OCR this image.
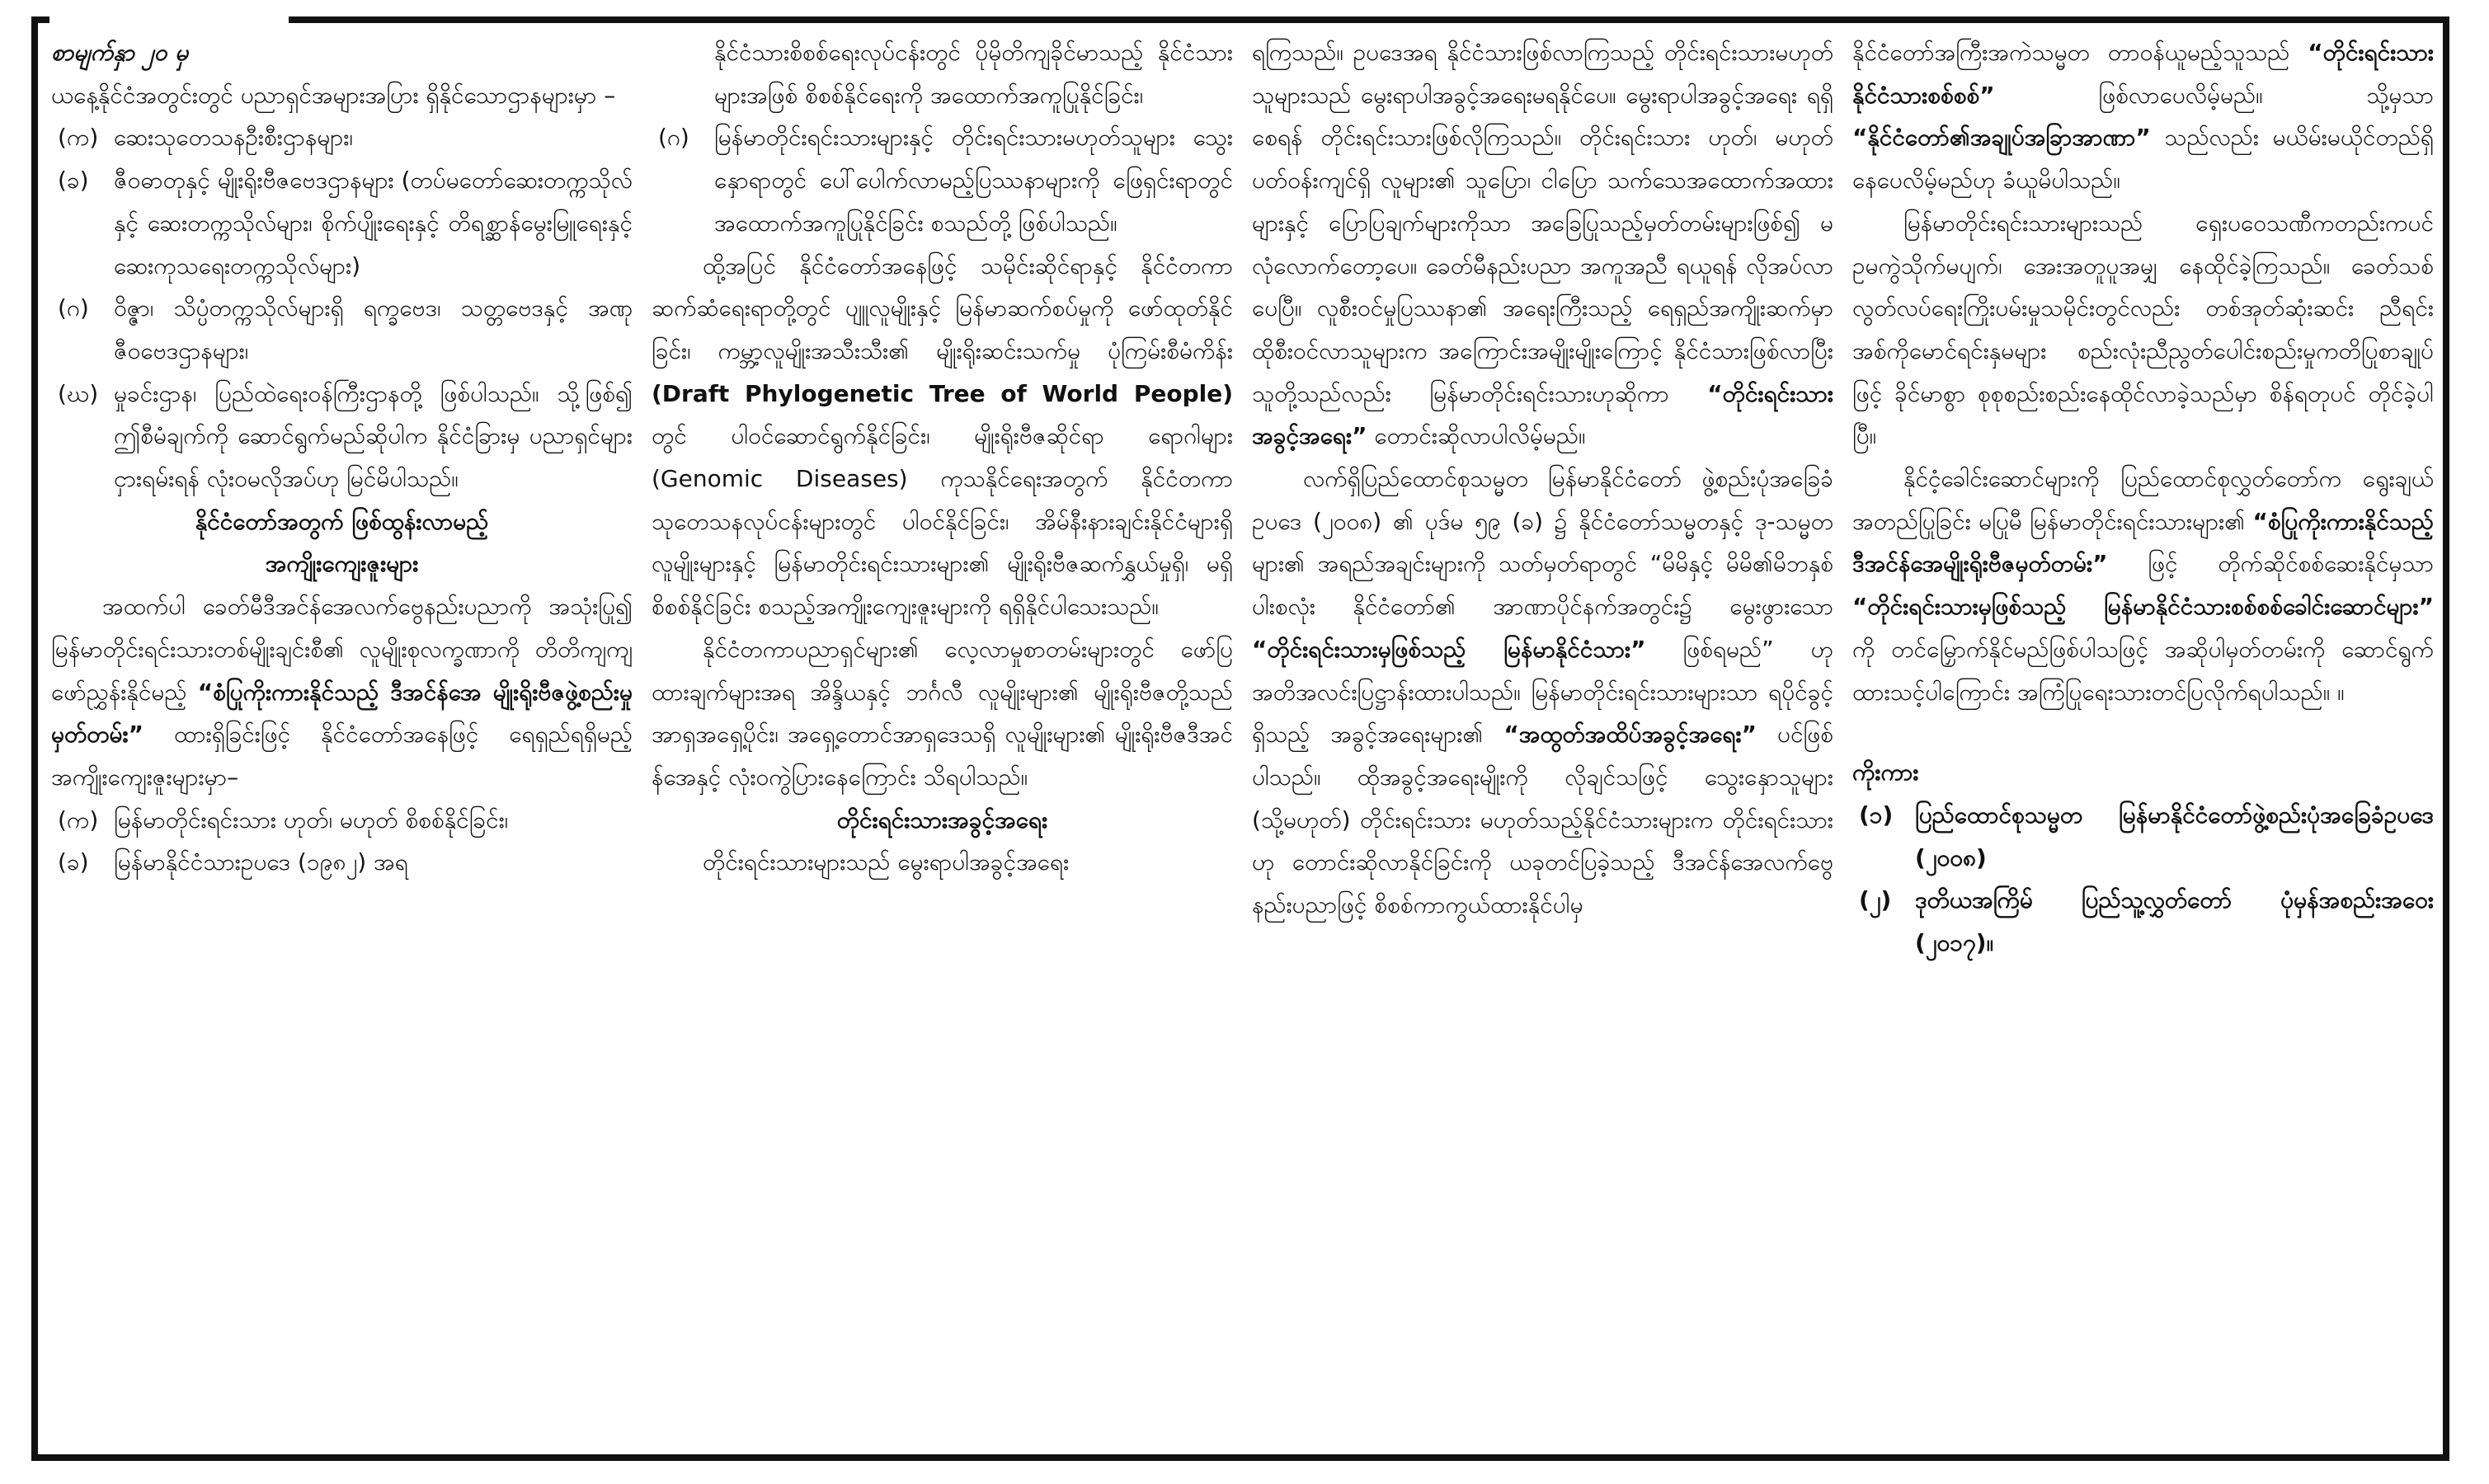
စာမျက်နှာ ၂၀ မှ

ယနေ့နိုင်ငံအတွင်းတွင် ပညာရှင်အများအပြား ရှိနိုင်သောဌာနများမှာ –

(က) ဆေးသုတေသနဦးစီးဌာနများ၊
(ခ)	ဇီဝဓာတုနှင့် မျိုးရိုးဗီဇဗေဒဌာနများ (တပ်မတော်ဆေးတက္ကသိုလ်နှင့် ဆေးတက္ကသိုလ်များ၊ စိုက်ပျိုးရေးနှင့် တိရစ္ဆာန်မွေးမြူရေးနှင့် ဆေးကုသရေးတက္ကသိုလ်များ)
(ဂ)	ဝိဇ္ဇာ၊ သိပ္ပံတက္ကသိုလ်များရှိ ရက္ခဗေဒ၊ သတ္တဗေဒနှင့် အဏုဇီဝဗေဒဌာနများ၊
(ဃ) မှုခင်းဌာန၊ ပြည်ထဲရေးဝန်ကြီးဌာနတို့ ဖြစ်ပါသည်။ သို့ဖြစ်၍ ဤစီမံချက်ကို ဆောင်ရွက်မည်ဆိုပါက နိုင်ငံခြားမှ ပညာရှင်များ ငှားရမ်းရန် လုံးဝမလိုအပ်ဟု မြင်မိပါသည်။

နိုင်ငံတော်အတွက် ဖြစ်ထွန်းလာမည့်

အကျိုးကျေးဇူးများ

အထက်ပါ ခေတ်မီဒီအင်န်အေလက်ဗွေနည်းပညာကို အသုံးပြု၍ မြန်မာတိုင်းရင်းသားတစ်မျိုးချင်းစီ၏ လူမျိုးစုလက္ခဏာကို တိတိကျကျ ဖော်ညွှန်းနိုင်မည့် “စံပြုကိုးကားနိုင်သည့် ဒီအင်န်အေ မျိုးရိုးဗီဇဖွဲ့စည်းမှုမှတ်တမ်း” ထားရှိခြင်းဖြင့် နိုင်ငံတော်အနေဖြင့် ရေရှည်ရရှိမည့် အကျိုးကျေးဇူးများမှာ–

(က) မြန်မာတိုင်းရင်းသား ဟုတ်၊ မဟုတ် စိစစ်နိုင်ခြင်း၊
(ခ)	မြန်မာနိုင်ငံသားဥပဒေ (၁၉၈၂) အရ

နိုင်ငံသားစိစစ်ရေးလုပ်ငန်းတွင် ပိုမိုတိကျခိုင်မာသည့် နိုင်ငံသားများအဖြစ် စိစစ်နိုင်ရေးကို အထောက်အကူပြုနိုင်ခြင်း၊

(ဂ)	မြန်မာတိုင်းရင်းသားများနှင့် တိုင်းရင်းသားမဟုတ်သူများ သွေးနှောရာတွင် ပေါ်ပေါက်လာမည့်ပြဿနာများကို ဖြေရှင်းရာတွင် အထောက်အကူပြုနိုင်ခြင်း စသည်တို့ ဖြစ်ပါသည်။

ထို့အပြင် နိုင်ငံတော်အနေဖြင့် သမိုင်းဆိုင်ရာနှင့် နိုင်ငံတကာဆက်ဆံရေးရာတို့တွင် ပျူလူမျိုးနှင့် မြန်မာဆက်စပ်မှုကို ဖော်ထုတ်နိုင်ခြင်း၊ ကမ္ဘာ့လူမျိုးအသီးသီး၏ မျိုးရိုးဆင်းသက်မှု ပုံကြမ်းစီမံကိန်း (Draft Phylogenetic Tree of World People) တွင် ပါဝင်ဆောင်ရွက်နိုင်ခြင်း၊ မျိုးရိုးဗီဇဆိုင်ရာ ရောဂါများ (Genomic Diseases) ကုသနိုင်ရေးအတွက် နိုင်ငံတကာသုတေသနလုပ်ငန်းများတွင် ပါဝင်နိုင်ခြင်း၊ အိမ်နီးနားချင်းနိုင်ငံများရှိ လူမျိုးများနှင့် မြန်မာတိုင်းရင်းသားများ၏ မျိုးရိုးဗီဇဆက်နွှယ်မှုရှိ၊ မရှိ စိစစ်နိုင်ခြင်း စသည့်အကျိုးကျေးဇူးများကို ရရှိနိုင်ပါသေးသည်။

နိုင်ငံတကာပညာရှင်များ၏ လေ့လာမှုစာတမ်းများတွင် ဖော်ပြထားချက်များအရ အိန္ဒိယနှင့် ဘင်္ဂလီ လူမျိုးများ၏ မျိုးရိုးဗီဇတို့သည် အာရှအရှေ့ပိုင်း၊ အရှေ့တောင်အာရှဒေသရှိ လူမျိုးများ၏ မျိုးရိုးဗီဇဒီအင်န်အေနှင့် လုံးဝကွဲပြားနေကြောင်း သိရပါသည်။

တိုင်းရင်းသားအခွင့်အရေး

တိုင်းရင်းသားများသည် မွေးရာပါအခွင့်အရေး

ရကြသည်။ ဥပဒေအရ နိုင်ငံသားဖြစ်လာကြသည့် တိုင်းရင်းသားမဟုတ်သူများသည် မွေးရာပါအခွင့်အရေးမရနိုင်ပေ။ မွေးရာပါအခွင့်အရေး ရရှိစေရန် တိုင်းရင်းသားဖြစ်လိုကြသည်။ တိုင်းရင်းသား ဟုတ်၊ မဟုတ် ပတ်ဝန်းကျင်ရှိ လူများ၏ သူပြော၊ ငါပြော သက်သေအထောက်အထားများနှင့် ပြောပြချက်များကိုသာ အခြေပြုသည့်မှတ်တမ်းများဖြစ်၍ မလုံလောက်တော့ပေ။ ခေတ်မီနည်းပညာ အကူအညီ ရယူရန် လိုအပ်လာပေပြီ။ လူစီးဝင်မှုပြဿနာ၏ အရေးကြီးသည့် ရေရှည်အကျိုးဆက်မှာ ထိုစီးဝင်လာသူများက အကြောင်းအမျိုးမျိုးကြောင့် နိုင်ငံသားဖြစ်လာပြီး သူတို့သည်လည်း မြန်မာတိုင်းရင်းသားဟုဆိုကာ “တိုင်းရင်းသားအခွင့်အရေး” တောင်းဆိုလာပါလိမ့်မည်။

လက်ရှိပြည်ထောင်စုသမ္မတ မြန်မာနိုင်ငံတော် ဖွဲ့စည်းပုံအခြေခံဥပဒေ (၂၀၀၈) ၏ ပုဒ်မ ၅၉ (ခ) ၌ နိုင်ငံတော်သမ္မတနှင့် ဒု-သမ္မတများ၏ အရည်အချင်းများကို သတ်မှတ်ရာတွင် “မိမိနှင့် မိမိ၏မိဘနှစ်ပါးစလုံး နိုင်ငံတော်၏ အာဏာပိုင်နက်အတွင်း၌ မွေးဖွားသော “တိုင်းရင်းသားမှဖြစ်သည့် မြန်မာနိုင်ငံသား” ဖြစ်ရမည်” ဟု အတိအလင်းပြဋ္ဌာန်းထားပါသည်။ မြန်မာတိုင်းရင်းသားများသာ ရပိုင်ခွင့်ရှိသည့် အခွင့်အရေးများ၏ “အထွတ်အထိပ်အခွင့်အရေး” ပင်ဖြစ်ပါသည်။ ထိုအခွင့်အရေးမျိုးကို လိုချင်သဖြင့် သွေးနှောသူများ (သို့မဟုတ်) တိုင်းရင်းသား မဟုတ်သည့်နိုင်ငံသားများက တိုင်းရင်းသားဟု တောင်းဆိုလာနိုင်ခြင်းကို ယခုတင်ပြခဲ့သည့် ဒီအင်န်အေလက်ဗွေနည်းပညာဖြင့် စိစစ်ကာကွယ်ထားနိုင်ပါမှ

နိုင်ငံတော်အကြီးအကဲသမ္မတ တာဝန်ယူမည့်သူသည် “တိုင်းရင်းသားနိုင်ငံသားစစ်စစ်” ဖြစ်လာပေလိမ့်မည်။ သို့မှသာ “နိုင်ငံတော်၏အချုပ်အခြာအာဏာ” သည်လည်း မယိမ်းမယိုင်တည်ရှိနေပေလိမ့်မည်ဟု ခံယူမိပါသည်။

မြန်မာတိုင်းရင်းသားများသည် ရှေးပဝေသဏီကတည်းကပင် ဥမကွဲသိုက်မပျက်၊ အေးအတူပူအမျှ နေထိုင်ခဲ့ကြသည်။ ခေတ်သစ်လွတ်လပ်ရေးကြိုးပမ်းမှုသမိုင်းတွင်လည်း တစ်အုတ်ဆုံးဆင်း ညီရင်းအစ်ကိုမောင်ရင်းနှမများ စည်းလုံးညီညွတ်ပေါင်းစည်းမှုကတိပြုစာချုပ်ဖြင့် ခိုင်မာစွာ စုစုစည်းစည်းနေထိုင်လာခဲ့သည်မှာ စိန်ရတုပင် တိုင်ခဲ့ပါပြီ။

နိုင်ငံ့ခေါင်းဆောင်များကို ပြည်ထောင်စုလွှတ်တော်က ရွေးချယ်အတည်ပြုခြင်း မပြုမီ မြန်မာတိုင်းရင်းသားများ၏ “စံပြုကိုးကားနိုင်သည့် ဒီအင်န်အေမျိုးရိုးဗီဇမှတ်တမ်း” ဖြင့် တိုက်ဆိုင်စစ်ဆေးနိုင်မှသာ “တိုင်းရင်းသားမှဖြစ်သည့် မြန်မာနိုင်ငံသားစစ်စစ်ခေါင်းဆောင်များ” ကို တင်မြှောက်နိုင်မည်ဖြစ်ပါသဖြင့် အဆိုပါမှတ်တမ်းကို ဆောင်ရွက်ထားသင့်ပါကြောင်း အကြံပြုရေးသားတင်ပြလိုက်ရပါသည်။ ။

ကိုးကား

(၁) ပြည်ထောင်စုသမ္မတ မြန်မာနိုင်ငံတော်ဖွဲ့စည်းပုံအခြေခံဥပဒေ (၂၀၀၈)
(၂)	ဒုတိယအကြိမ် ပြည်သူ့လွှတ်တော် ပုံမှန်အစည်းအဝေး (၂၀၁၇)။
